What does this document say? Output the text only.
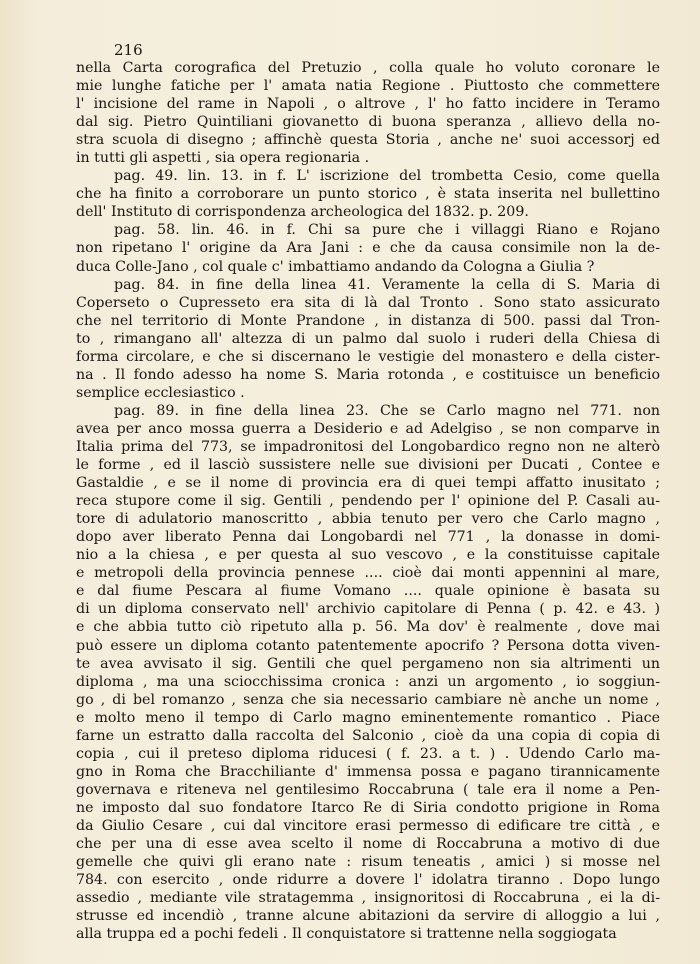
216
nella Carta corografica del Pretuzio , colla quale ho voluto coronare le
mie lunghe fatiche per l' amata natia Regione . Piuttosto che commettere
l' incisione del rame in Napoli , o altrove , l' ho fatto incidere in Teramo
dal sig. Pietro Quintiliani giovanetto di buona speranza , allievo della no-
stra scuola di disegno ; affinchè questa Storia , anche ne' suoi accessorj ed
in tutti gli aspetti , sia opera regionaria .
pag. 49. lin. 13. in f. L' iscrizione del trombetta Cesio, come quella
che ha finito a corroborare un punto storico , è stata inserita nel bullettino
dell' Instituto di corrispondenza archeologica del 1832. p. 209.
pag. 58. lin. 46. in f. Chi sa pure che i villaggi Riano e Rojano
non ripetano l' origine da Ara Jani : e che da causa consimile non la de-
duca Colle-Jano , col quale c' imbattiamo andando da Cologna a Giulia ?
pag. 84. in fine della linea 41. Veramente la cella di S. Maria di
Coperseto o Cupresseto era sita di là dal Tronto . Sono stato assicurato
che nel territorio di Monte Prandone , in distanza di 500. passi dal Tron-
to , rimangano all' altezza di un palmo dal suolo i ruderi della Chiesa di
forma circolare, e che si discernano le vestigie del monastero e della cister-
na . Il fondo adesso ha nome S. Maria rotonda , e costituisce un beneficio
semplice ecclesiastico .
pag. 89. in fine della linea 23. Che se Carlo magno nel 771. non
avea per anco mossa guerra a Desiderio e ad Adelgiso , se non comparve in
Italia prima del 773, se impadronitosi del Longobardico regno non ne alterò
le forme , ed il lasciò sussistere nelle sue divisioni per Ducati , Contee e
Gastaldie , e se il nome di provincia era di quei tempi affatto inusitato ;
reca stupore come il sig. Gentili , pendendo per l' opinione del P. Casali au-
tore di adulatorio manoscritto , abbia tenuto per vero che Carlo magno ,
dopo aver liberato Penna dai Longobardi nel 771 , la donasse in domi-
nio a la chiesa , e per questa al suo vescovo , e la constituisse capitale
e metropoli della provincia pennese .... cioè dai monti appennini al mare,
e dal fiume Pescara al fiume Vomano .... quale opinione è basata su
di un diploma conservato nell' archivio capitolare di Penna ( p. 42. e 43. )
e che abbia tutto ciò ripetuto alla p. 56. Ma dov' è realmente , dove mai
può essere un diploma cotanto patentemente apocrifo ? Persona dotta viven-
te avea avvisato il sig. Gentili che quel pergameno non sia altrimenti un
diploma , ma una sciocchissima cronica : anzi un argomento , io soggiun-
go , di bel romanzo , senza che sia necessario cambiare nè anche un nome ,
e molto meno il tempo di Carlo magno eminentemente romantico . Piace
farne un estratto dalla raccolta del Salconio , cioè da una copia di copia di
copia , cui il preteso diploma riducesi ( f. 23. a t. ) . Udendo Carlo ma-
gno in Roma che Bracchiliante d' immensa possa e pagano tirannicamente
governava e riteneva nel gentilesimo Roccabruna ( tale era il nome a Pen-
ne imposto dal suo fondatore Itarco Re di Siria condotto prigione in Roma
da Giulio Cesare , cui dal vincitore erasi permesso di edificare tre città , e
che per una di esse avea scelto il nome di Roccabruna a motivo di due
gemelle che quivi gli erano nate : risum teneatis , amici ) si mosse nel
784. con esercito , onde ridurre a dovere l' idolatra tiranno . Dopo lungo
assedio , mediante vile stratagemma , insignoritosi di Roccabruna , ei la di-
strusse ed incendiò , tranne alcune abitazioni da servire di alloggio a lui ,
alla truppa ed a pochi fedeli . Il conquistatore si trattenne nella soggiogata
